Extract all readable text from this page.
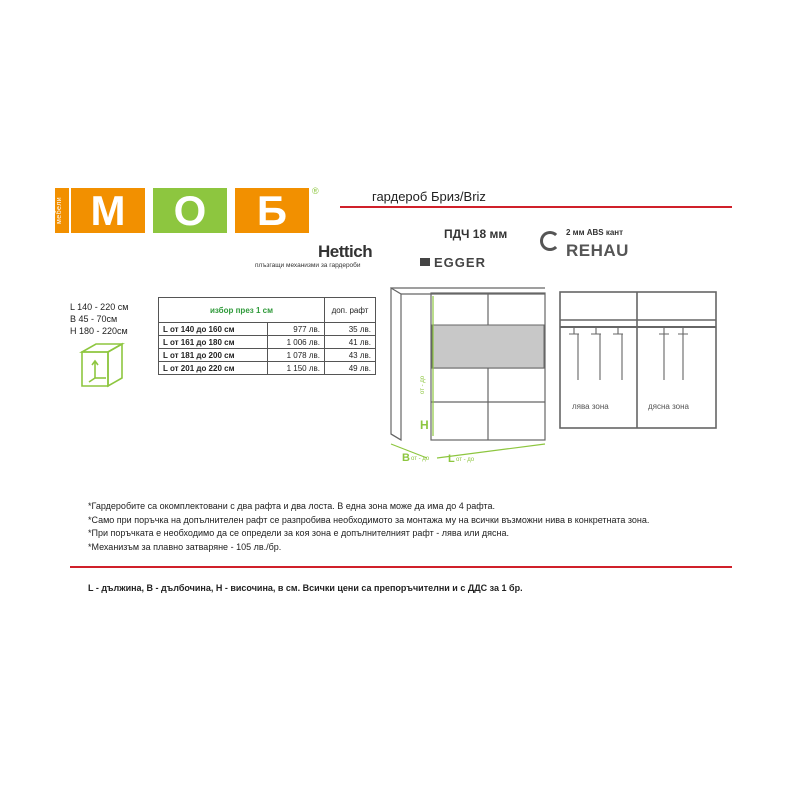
мебели М	О	Б	®	гардероб Бриз/Briz
Hettich
плъзгащи механизми за гардероби
ПДЧ 18 мм
EGGER
2 мм ABS кант
REHAU
L 140 - 220 см
B 45 - 70см
H 180 - 220см
избор през 1 см		доп. рафт
L от 140 до 160 см	977 лв.	35 лв.
L от 161 до 180 см	1 006 лв.	41 лв.
L от 181 до 200 см	1 078 лв.	43 лв.
L от 201 до 220 см	1 150 лв.	49 лв.
H
от - до
B от - до L от - до
лява зона	дясна зона
*Гардеробите са окомплектовани с два рафта и два лоста. В една зона може да има до 4 рафта.
*Само при поръчка на допълнителен рафт се разпробива необходимото за монтажа му на всички възможни нива в конкретната зона.
*При поръчката е необходимо да се определи за коя зона е допълнителният рафт - лява или дясна.
*Механизъм за плавно затваряне - 105 лв./бр.
L - дължина, B - дълбочина, H - височина, в см. Всички цени са препоръчителни и с ДДС за 1 бр.
